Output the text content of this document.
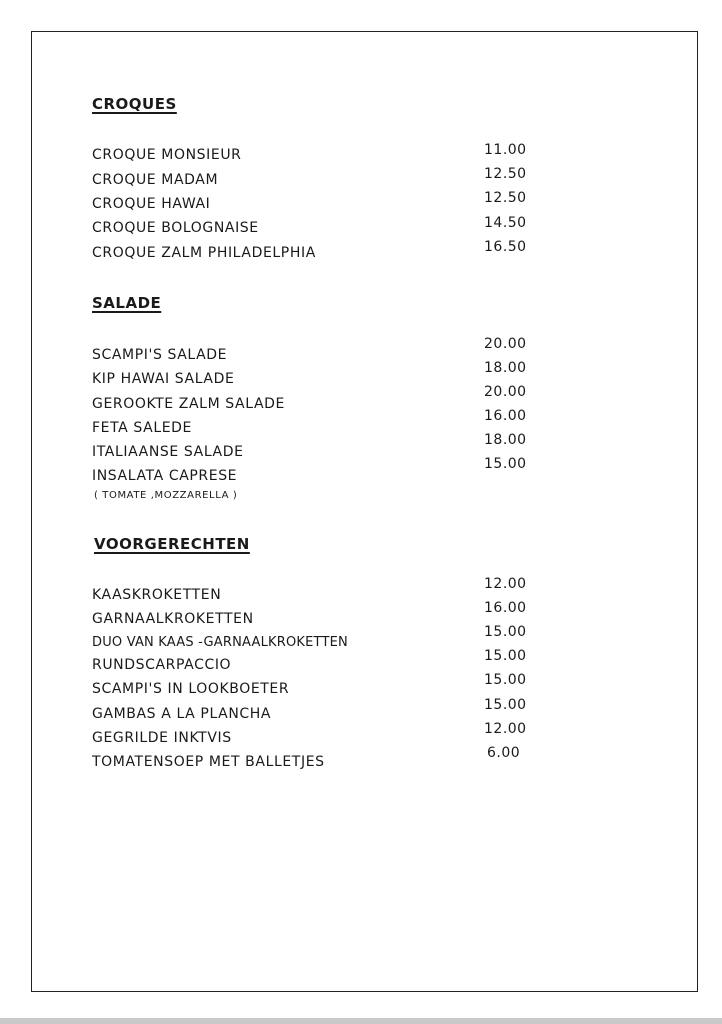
CROQUES
CROQUE MONSIEUR
CROQUE MADAM
CROQUE HAWAI
CROQUE BOLOGNAISE
CROQUE ZALM PHILADELPHIA
11.00
12.50
12.50
14.50
16.50
SALADE
SCAMPI'S SALADE
KIP HAWAI SALADE
GEROOKTE ZALM SALADE
FETA SALEDE
ITALIAANSE SALADE
INSALATA CAPRESE
( TOMATE ,MOZZARELLA )
20.00
18.00
20.00
16.00
18.00
15.00
VOORGERECHTEN
KAASKROKETTEN
GARNAALKROKETTEN
DUO VAN KAAS -GARNAALKROKETTEN
RUNDSCARPACCIO
SCAMPI'S IN LOOKBOETER
GAMBAS A LA PLANCHA
GEGRILDE INKTVIS
TOMATENSOEP MET BALLETJES
12.00
16.00
15.00
15.00
15.00
15.00
12.00
6.00
